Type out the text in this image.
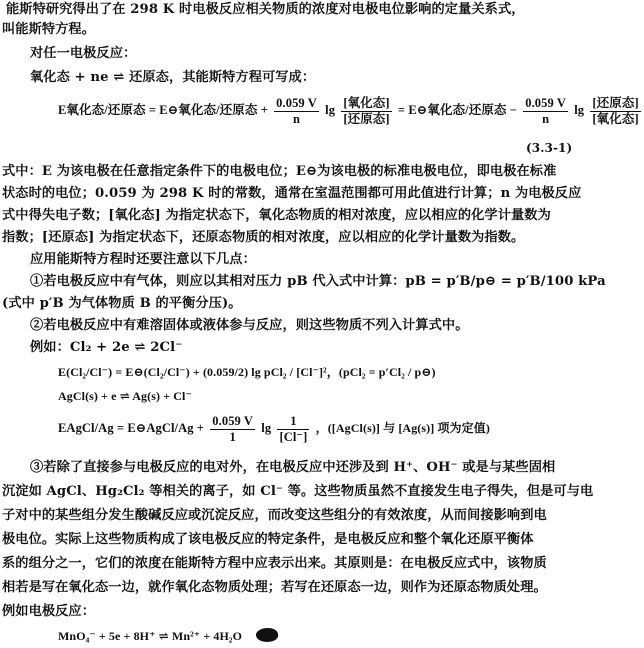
能斯特研究得出了在 298 K 时电极反应相关物质的浓度对电极电位影响的定量关系式，
叫能斯特方程。
对任一电极反应：
氧化态 + ne ⇌ 还原态，其能斯特方程可写成：
E氧化态/还原态 = E⊖氧化态/还原态 + $\frac{0.059 V}{n}$ $\lg \frac{\text{[氧化态]}}{\text{[还原态]}}$ = E⊖氧化态/还原态 − $\frac{0.059 V}{n}$ $\lg \frac{\text{[还原态]}}{\text{[氧化态]}}$
(3.3-1)
式中：E 为该电极在任意指定条件下的电极电位；E⊖为该电极的标准电极电位，即电极在标准
状态时的电位；0.059 为 298 K 时的常数，通常在室温范围都可用此值进行计算；n 为电极反应
式中得失电子数；[氧化态] 为指定状态下，氧化态物质的相对浓度，应以相应的化学计量数为
指数；[还原态] 为指定状态下，还原态物质的相对浓度，应以相应的化学计量数为指数。
应用能斯特方程时还要注意以下几点：
①若电极反应中有气体，则应以其相对压力 pB 代入式中计算：pB = p′B/p⊖ = p′B/100 kPa
(式中 p′B 为气体物质 B 的平衡分压)。
②若电极反应中有难溶固体或液体参与反应，则这些物质不列入计算式中。
例如：Cl₂ + 2e ⇌ 2Cl⁻
E(Cl₂/Cl⁻) = E⊖(Cl₂/Cl⁻) + (0.059/2) lg pCl₂ / [Cl⁻]²，(pCl₂ = p′Cl₂ / p⊖)
AgCl(s) + e ⇌ Ag(s) + Cl⁻
EAgCl/Ag = E⊖AgCl/Ag + $\frac{0.059 V}{1}$ $\lg \frac{1}{[Cl^-]}$ ，([AgCl(s)] 与 [Ag(s)] 项为定值)
③若除了直接参与电极反应的电对外，在电极反应中还涉及到 H⁺、OH⁻ 或是与某些固相
沉淀如 AgCl、Hg₂Cl₂ 等相关的离子，如 Cl⁻ 等。这些物质虽然不直接发生电子得失，但是可与电
子对中的某些组分发生酸碱反应或沉淀反应，而改变这些组分的有效浓度，从而间接影响到电
极电位。实际上这些物质构成了该电极反应的特定条件，是电极反应和整个氧化还原平衡体
系的组分之一，它们的浓度在能斯特方程中应表示出来。其原则是：在电极反应式中，该物质
相若是写在氧化态一边，就作氧化态物质处理；若写在还原态一边，则作为还原态物质处理。
例如电极反应：
MnO₄⁻ + 5e + 8H⁺ ⇌ Mn²⁺ + 4H₂O
